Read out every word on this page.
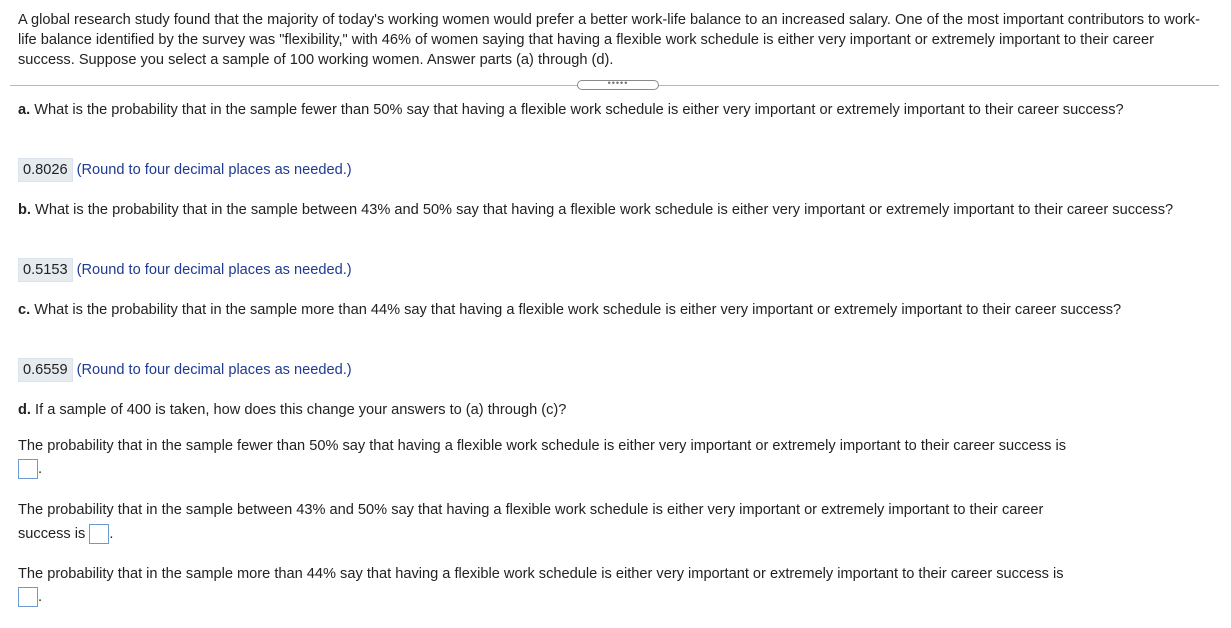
A global research study found that the majority of today's working women would prefer a better work-life balance to an increased salary. One of the most important contributors to work-life balance identified by the survey was "flexibility," with 46% of women saying that having a flexible work schedule is either very important or extremely important to their career success. Suppose you select a sample of 100 working women. Answer parts (a) through (d).
•••••
a. What is the probability that in the sample fewer than 50% say that having a flexible work schedule is either very important or extremely important to their career success?
0.8026 (Round to four decimal places as needed.)
b. What is the probability that in the sample between 43% and 50% say that having a flexible work schedule is either very important or extremely important to their career success?
0.5153 (Round to four decimal places as needed.)
c. What is the probability that in the sample more than 44% say that having a flexible work schedule is either very important or extremely important to their career success?
0.6559 (Round to four decimal places as needed.)
d. If a sample of 400 is taken, how does this change your answers to (a) through (c)?
The probability that in the sample fewer than 50% say that having a flexible work schedule is either very important or extremely important to their career success is
.
The probability that in the sample between 43% and 50% say that having a flexible work schedule is either very important or extremely important to their career
success is .
The probability that in the sample more than 44% say that having a flexible work schedule is either very important or extremely important to their career success is
.
